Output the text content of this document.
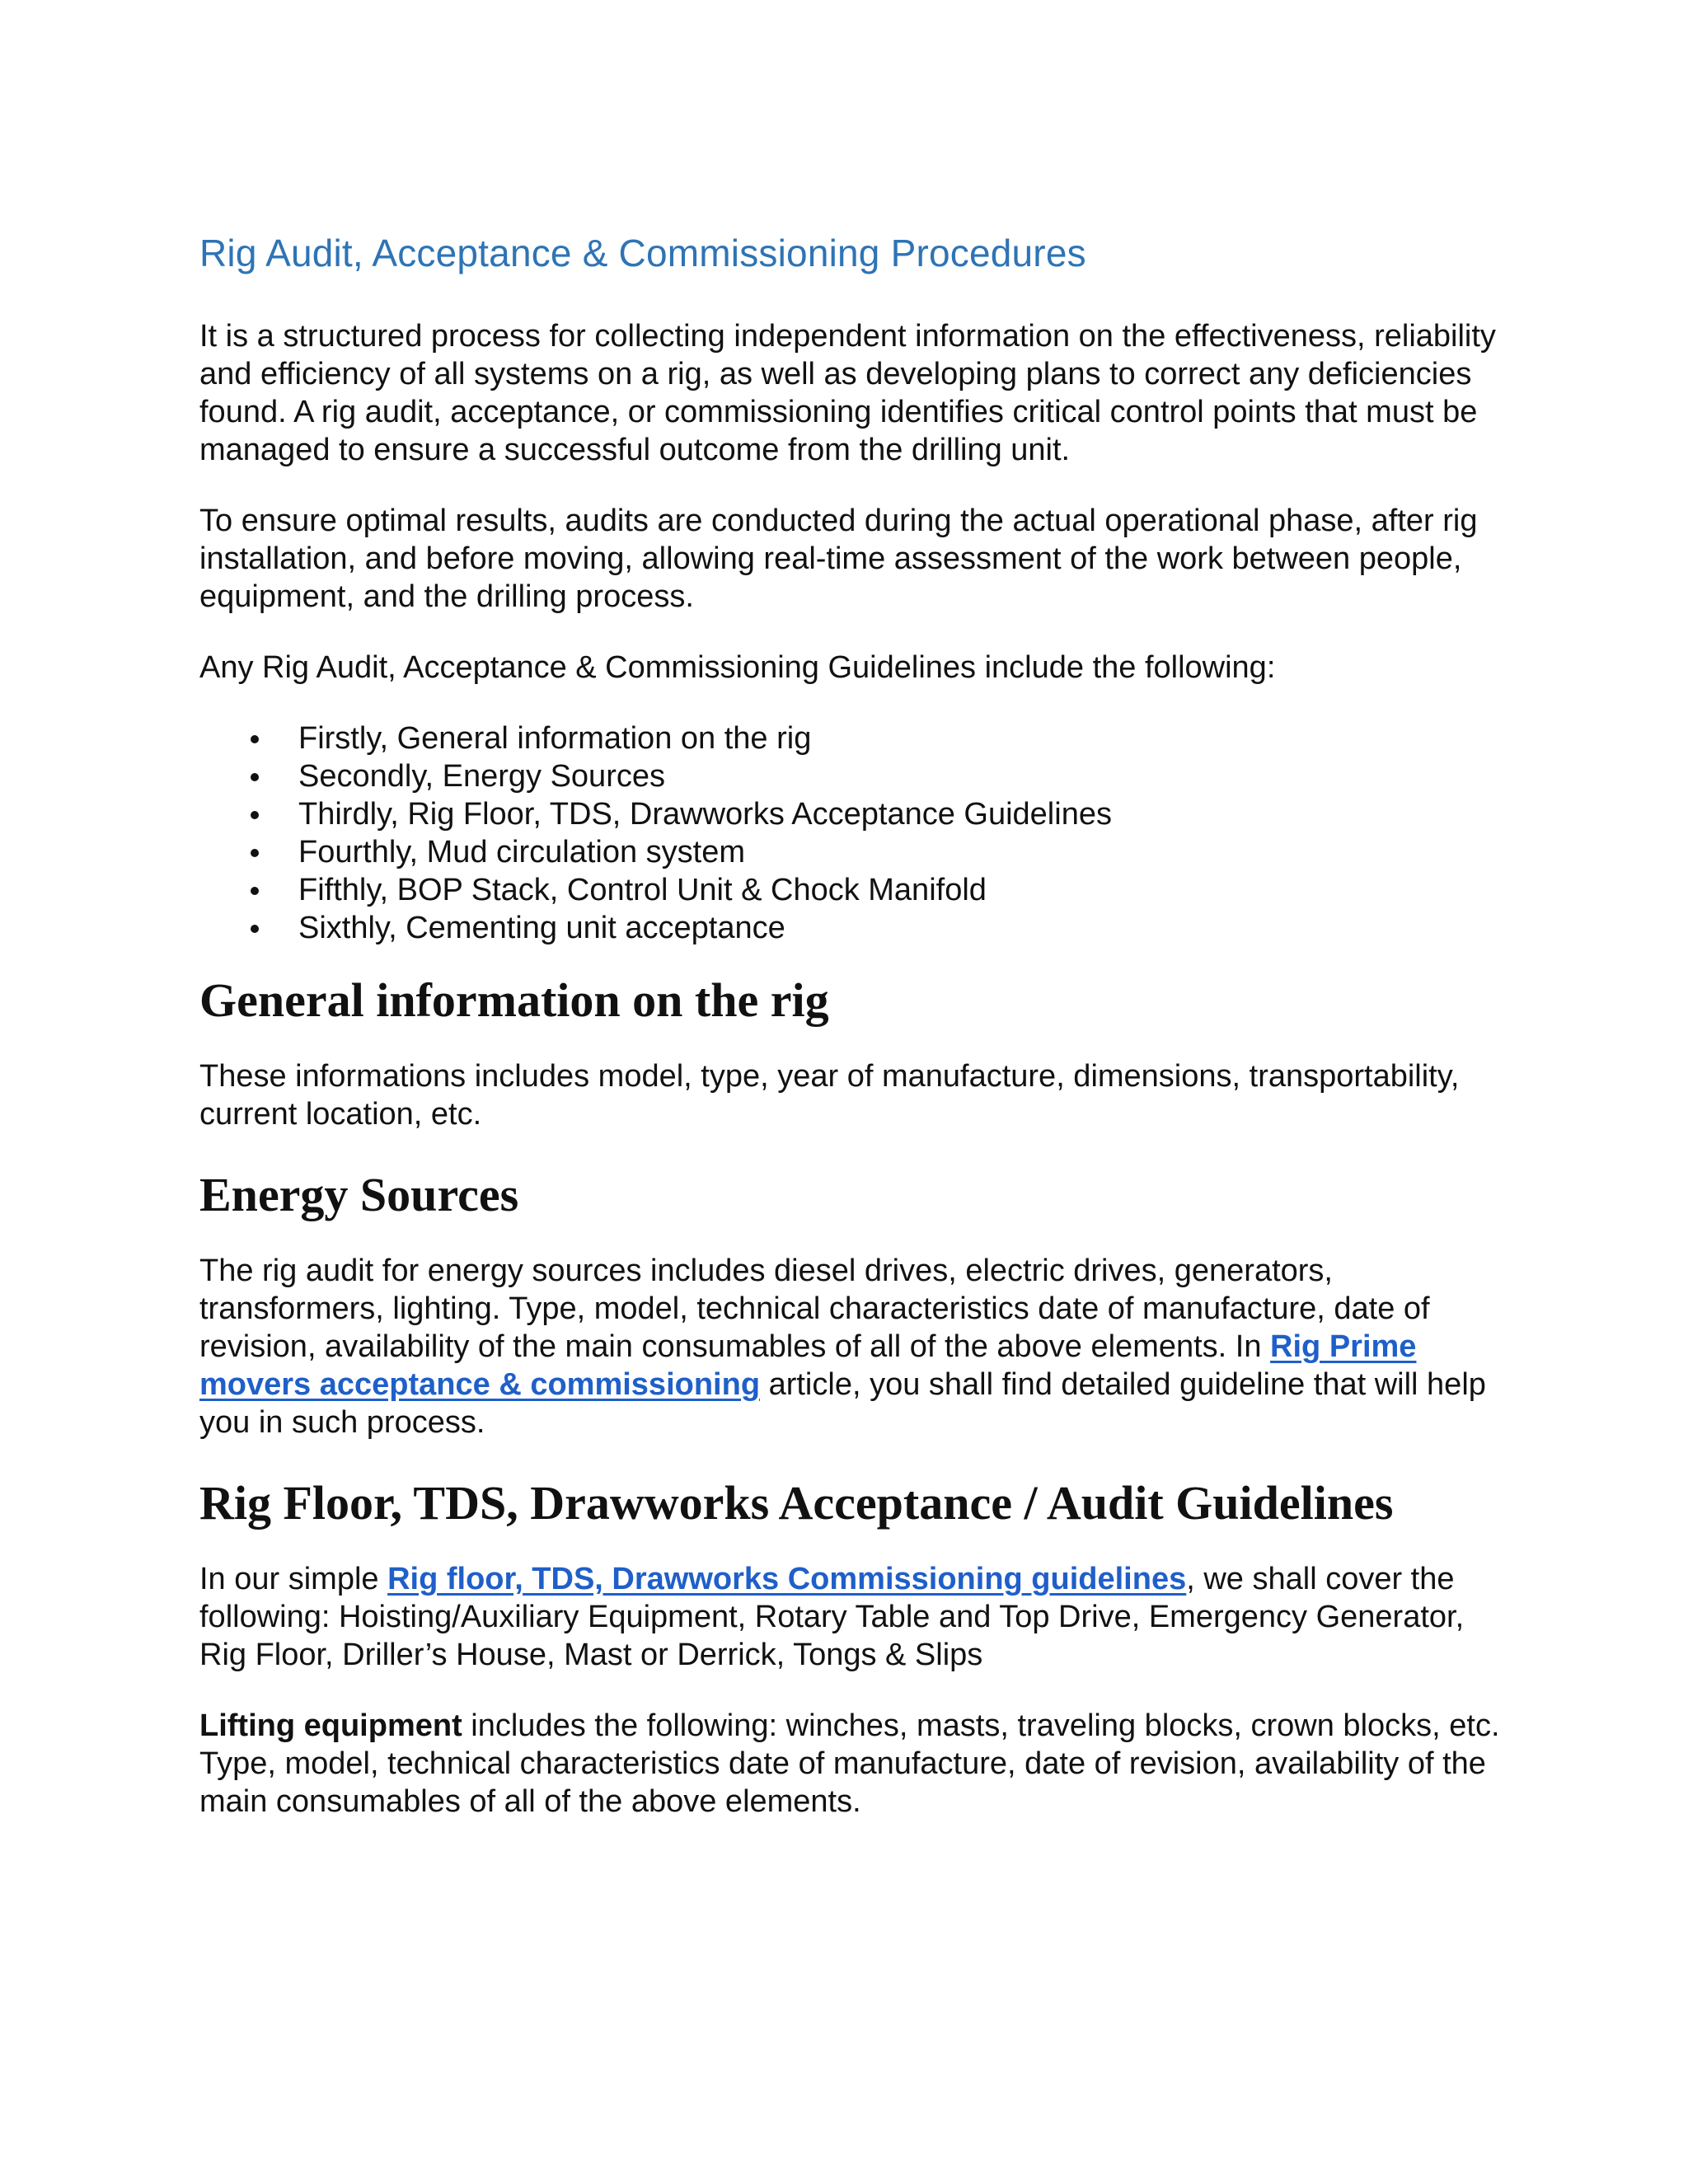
Rig Audit, Acceptance & Commissioning Procedures

It is a structured process for collecting independent information on the effectiveness, reliability and efficiency of all systems on a rig, as well as developing plans to correct any deficiencies found. A rig audit, acceptance, or commissioning identifies critical control points that must be managed to ensure a successful outcome from the drilling unit.

To ensure optimal results, audits are conducted during the actual operational phase, after rig installation, and before moving, allowing real-time assessment of the work between people, equipment, and the drilling process.

Any Rig Audit, Acceptance & Commissioning Guidelines include the following:

Firstly, General information on the rig
Secondly, Energy Sources
Thirdly, Rig Floor, TDS, Drawworks Acceptance Guidelines
Fourthly, Mud circulation system
Fifthly, BOP Stack, Control Unit & Chock Manifold
Sixthly, Cementing unit acceptance
General information on the rig

These informations includes model, type, year of manufacture, dimensions, transportability, current location, etc.

Energy Sources

The rig audit for energy sources includes diesel drives, electric drives, generators, transformers, lighting. Type, model, technical characteristics date of manufacture, date of revision, availability of the main consumables of all of the above elements. In Rig Prime movers acceptance & commissioning article, you shall find detailed guideline that will help you in such process.

Rig Floor, TDS, Drawworks Acceptance / Audit Guidelines

In our simple Rig floor, TDS, Drawworks Commissioning guidelines, we shall cover the following: Hoisting/Auxiliary Equipment, Rotary Table and Top Drive, Emergency Generator, Rig Floor, Driller’s House, Mast or Derrick, Tongs & Slips

Lifting equipment includes the following: winches, masts, traveling blocks, crown blocks, etc. Type, model, technical characteristics date of manufacture, date of revision, availability of the main consumables of all of the above elements.
